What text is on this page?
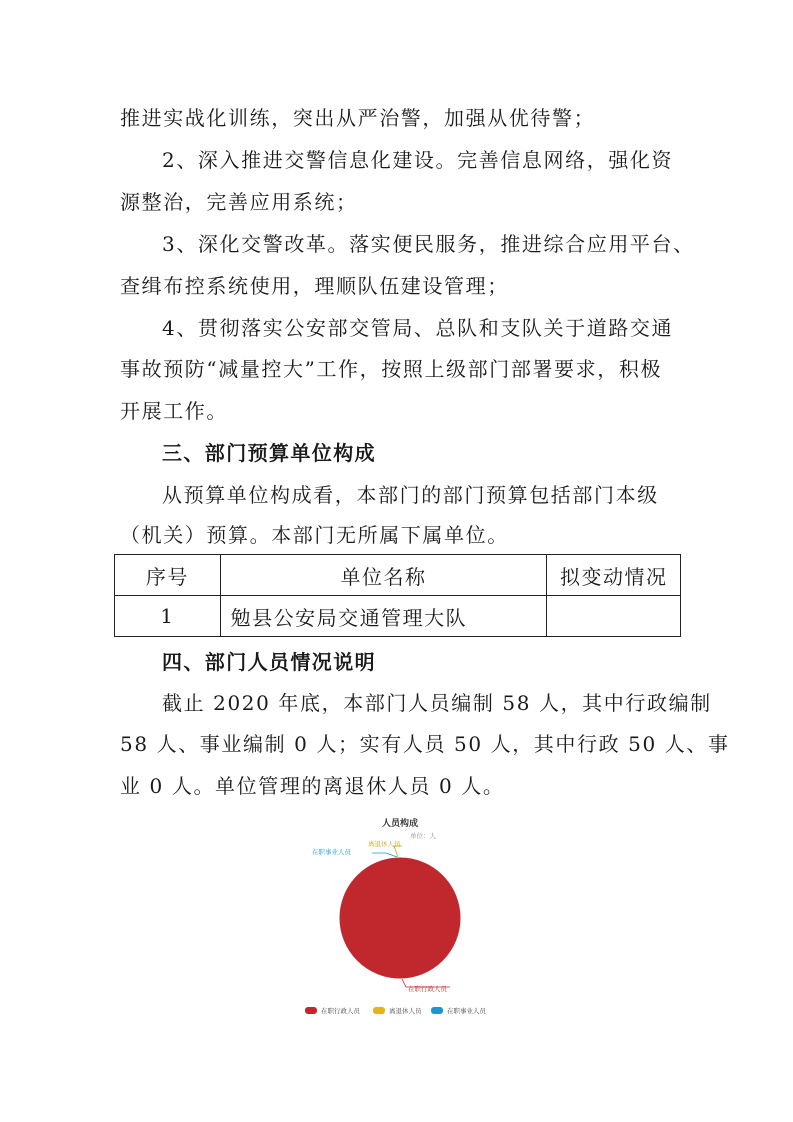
推进实战化训练，突出从严治警，加强从优待警；
2、深入推进交警信息化建设。完善信息网络，强化资
源整治，完善应用系统；
3、深化交警改革。落实便民服务，推进综合应用平台、
查缉布控系统使用，理顺队伍建设管理；
4、贯彻落实公安部交管局、总队和支队关于道路交通
事故预防“减量控大”工作，按照上级部门部署要求，积极
开展工作。
三、部门预算单位构成
从预算单位构成看，本部门的部门预算包括部门本级
（机关）预算。本部门无所属下属单位。
序号	单位名称	拟变动情况
1	勉县公安局交通管理大队	
四、部门人员情况说明
截止 2020 年底，本部门人员编制 58 人，其中行政编制
58 人、事业编制 0 人；实有人员 50 人，其中行政 50 人、事
业 0 人。单位管理的离退休人员 0 人。
人员构成
单位：人
在职行政人员
离退休人员
在职事业人员
在职行政人员	离退休人员	在职事业人员
